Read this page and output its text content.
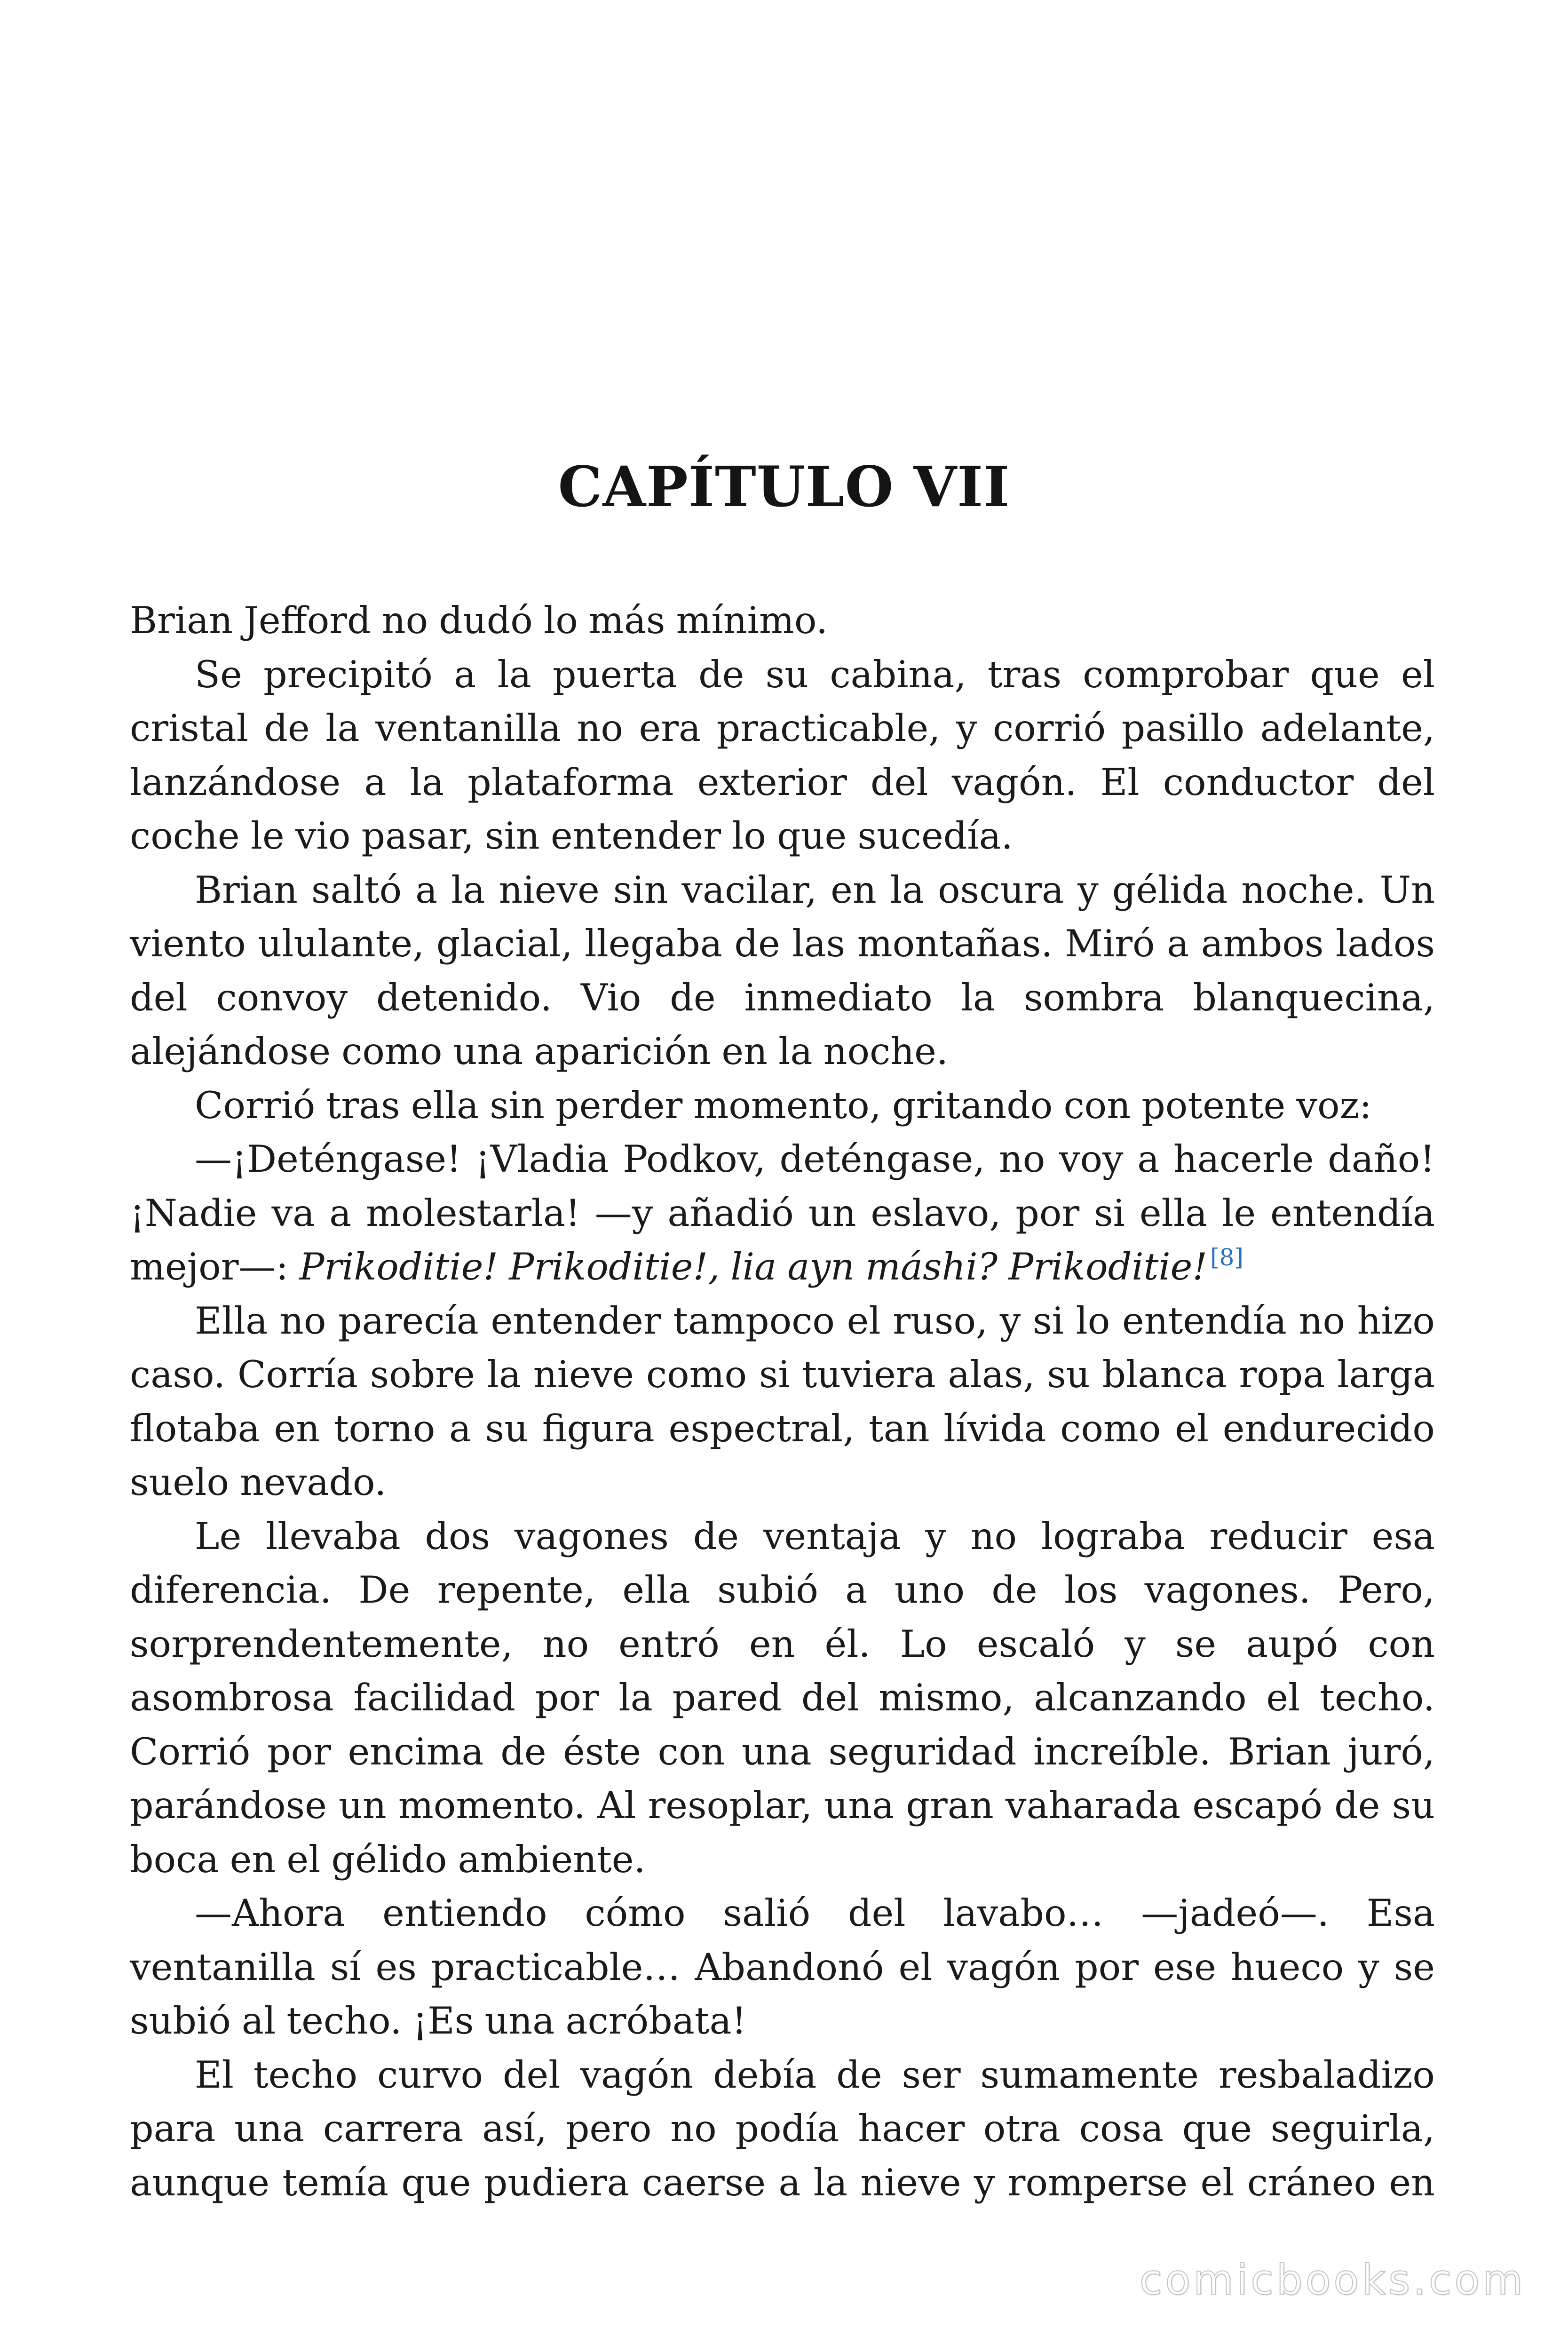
CAPÍTULO VII

Brian Jefford no dudó lo más mínimo.

Se precipitó a la puerta de su cabina, tras comprobar que el cristal de la ventanilla no era practicable, y corrió pasillo adelante, lanzándose a la plataforma exterior del vagón. El conductor del coche le vio pasar, sin entender lo que sucedía.

Brian saltó a la nieve sin vacilar, en la oscura y gélida noche. Un viento ululante, glacial, llegaba de las montañas. Miró a ambos lados del convoy detenido. Vio de inmediato la sombra blanquecina, alejándose como una aparición en la noche.

Corrió tras ella sin perder momento, gritando con potente voz:

—¡Deténgase! ¡Vladia Podkov, deténgase, no voy a hacerle daño! ¡Nadie va a molestarla! —y añadió un eslavo, por si ella le entendía mejor—: Prikoditie! Prikoditie!, lia ayn máshi? Prikoditie! [8]

Ella no parecía entender tampoco el ruso, y si lo entendía no hizo caso. Corría sobre la nieve como si tuviera alas, su blanca ropa larga flotaba en torno a su figura espectral, tan lívida como el endurecido suelo nevado.

Le llevaba dos vagones de ventaja y no lograba reducir esa diferencia. De repente, ella subió a uno de los vagones. Pero, sorprendentemente, no entró en él. Lo escaló y se aupó con asombrosa facilidad por la pared del mismo, alcanzando el techo. Corrió por encima de éste con una seguridad increíble. Brian juró, parándose un momento. Al resoplar, una gran vaharada escapó de su boca en el gélido ambiente.

—Ahora entiendo cómo salió del lavabo… —jadeó—. Esa ventanilla sí es practicable… Abandonó el vagón por ese hueco y se subió al techo. ¡Es una acróbata!

El techo curvo del vagón debía de ser sumamente resbaladizo para una carrera así, pero no podía hacer otra cosa que seguirla, aunque temía que pudiera caerse a la nieve y romperse el cráneo en

comicbooks.com
